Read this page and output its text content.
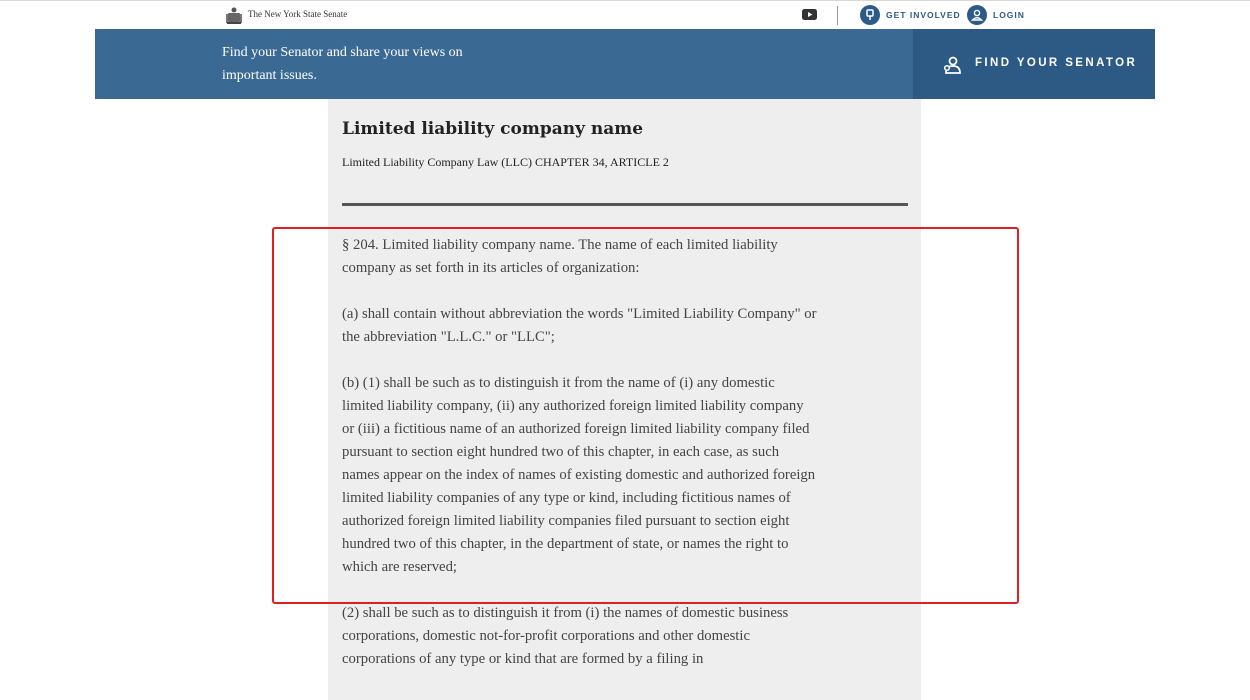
The New York State Senate	GET INVOLVED	LOGIN
Find your Senator and share your views on important issues.
FIND YOUR SENATOR
Limited liability company name
Limited Liability Company Law (LLC) CHAPTER 34, ARTICLE 2

§ 204. Limited liability company name. The name of each limited liability company as set forth in its articles of organization:

(a) shall contain without abbreviation the words "Limited Liability Company" or the abbreviation "L.L.C." or "LLC";

(b) (1) shall be such as to distinguish it from the name of (i) any domestic limited liability company, (ii) any authorized foreign limited liability company or (iii) a fictitious name of an authorized foreign limited liability company filed pursuant to section eight hundred two of this chapter, in each case, as such names appear on the index of names of existing domestic and authorized foreign limited liability companies of any type or kind, including fictitious names of authorized foreign limited liability companies filed pursuant to section eight hundred two of this chapter, in the department of state, or names the right to which are reserved;

(2) shall be such as to distinguish it from (i) the names of domestic business corporations, domestic not-for-profit corporations and other domestic corporations of any type or kind that are formed by a filing in
